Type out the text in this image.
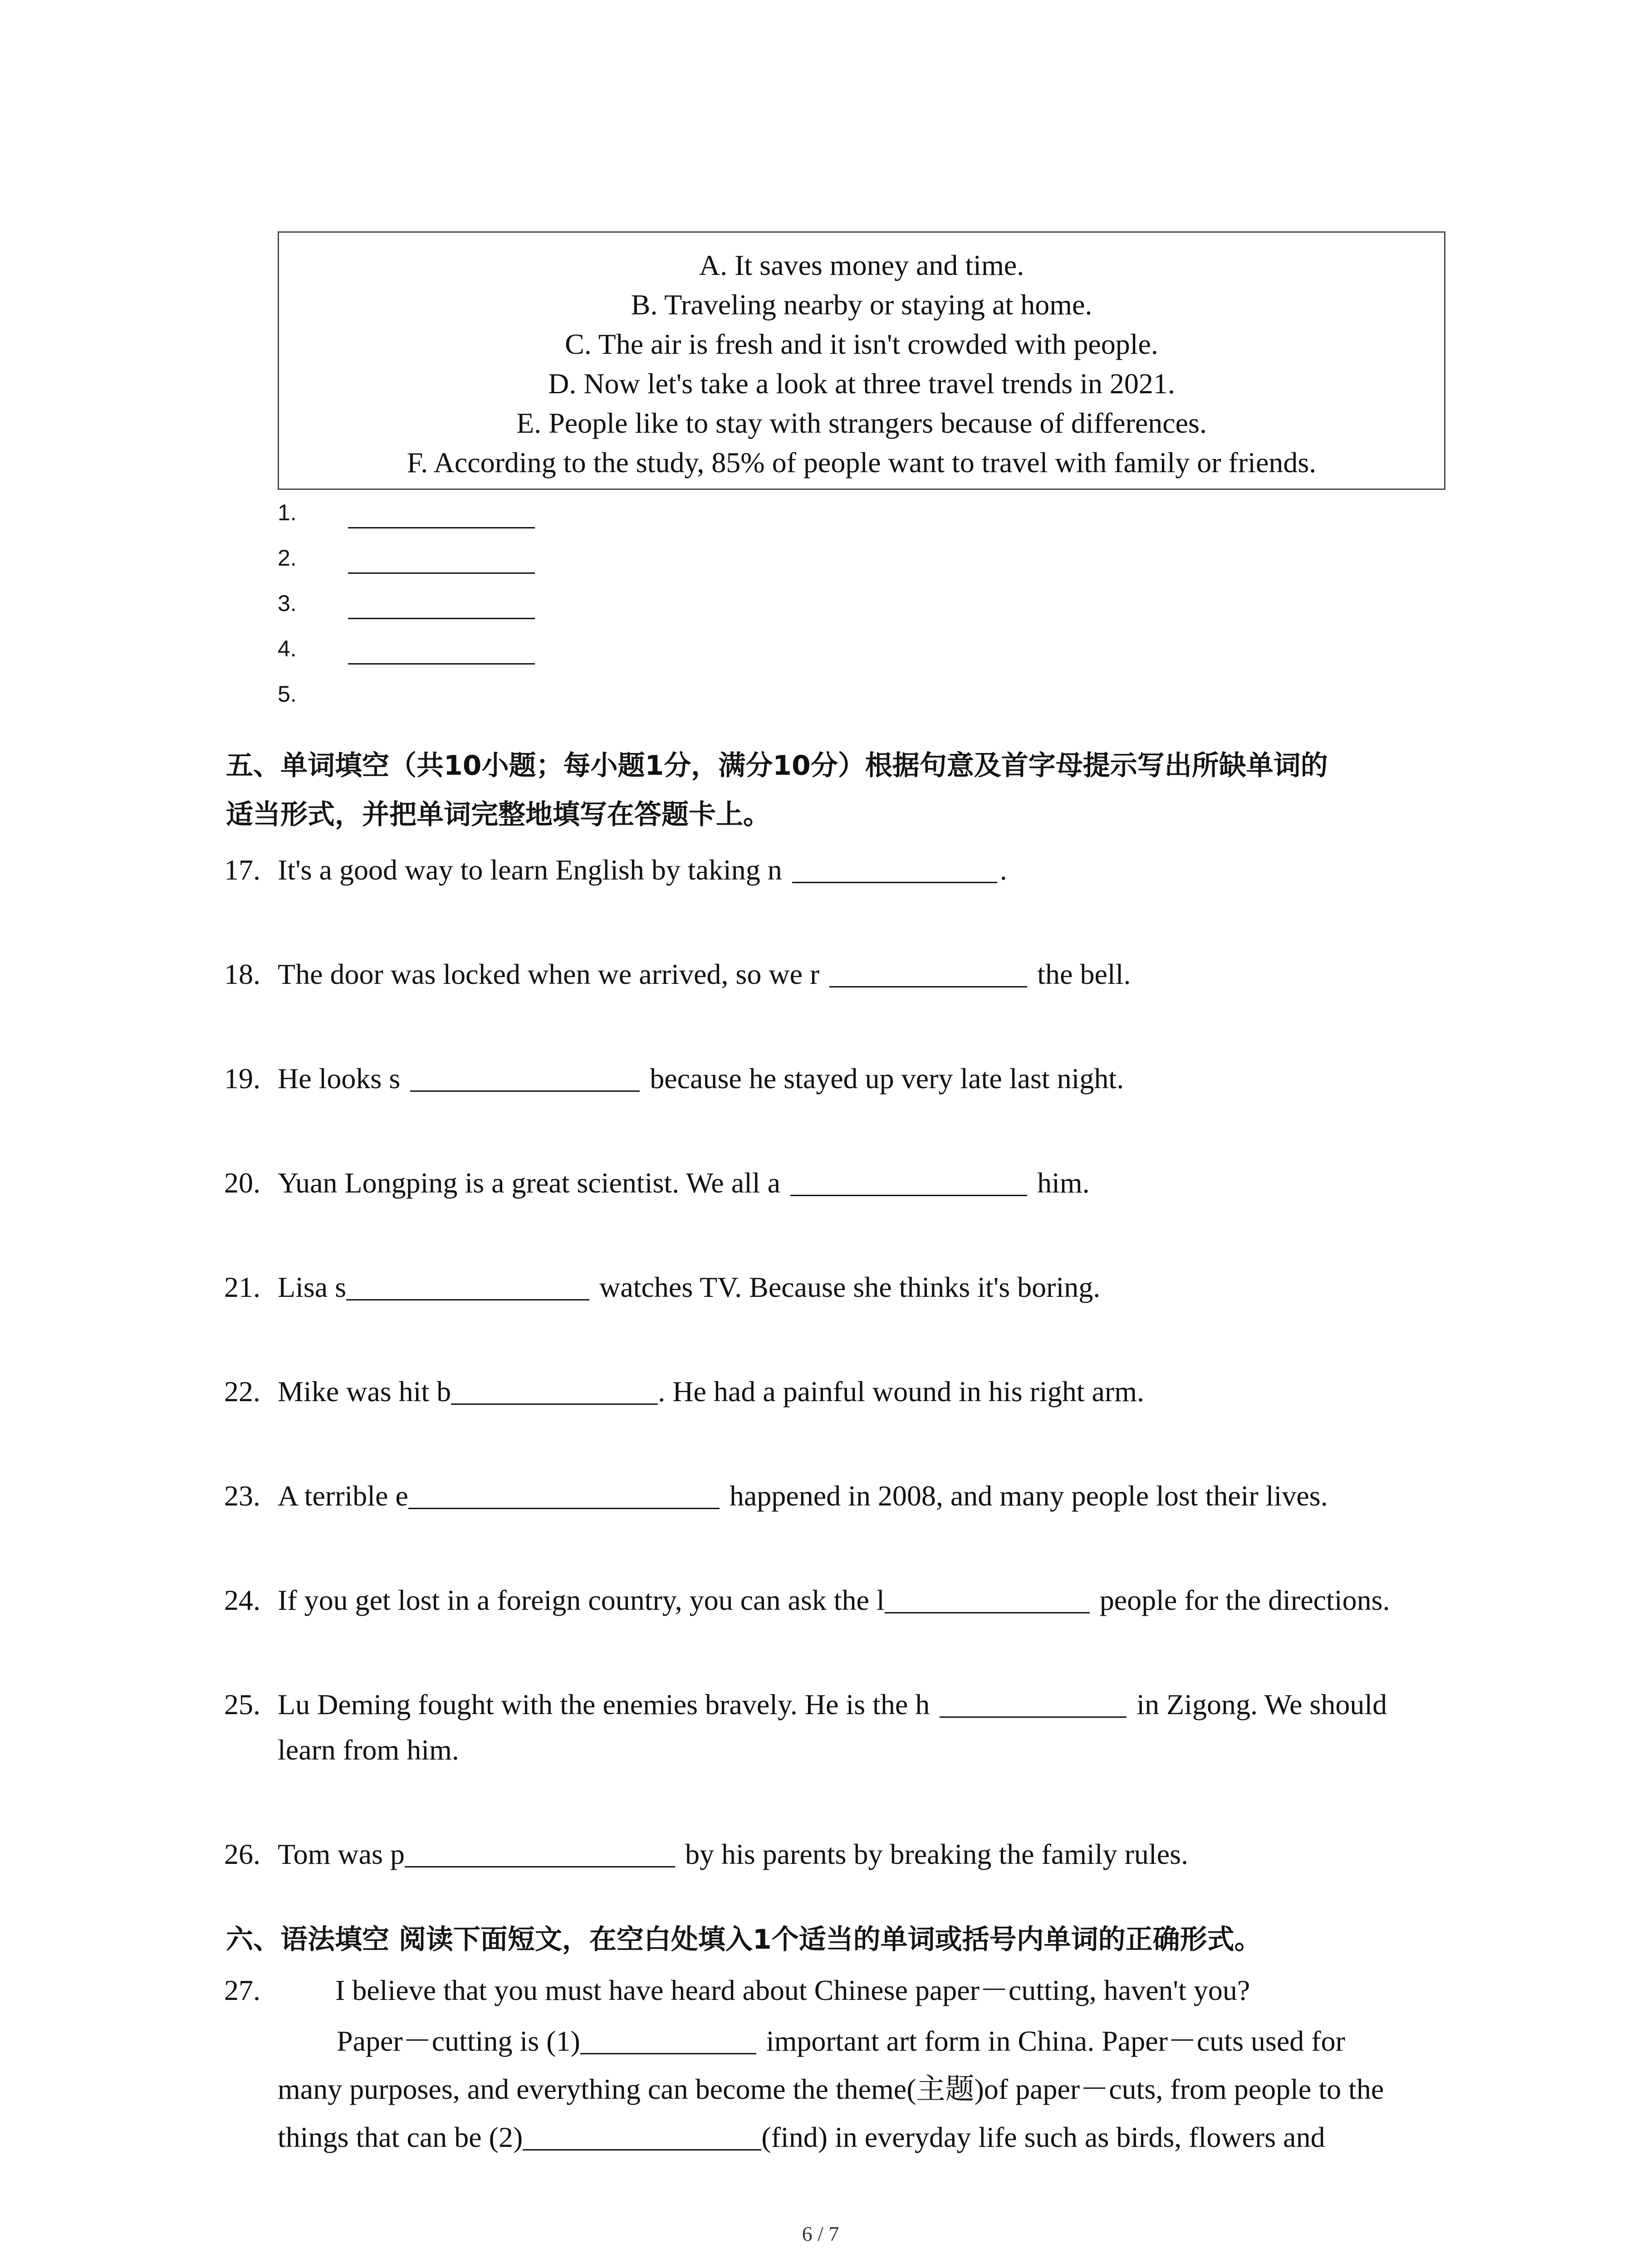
A. It saves money and time.
B. Traveling nearby or staying at home.
C. The air is fresh and it isn't crowded with people.
D. Now let's take a look at three travel trends in 2021.
E. People like to stay with strangers because of differences.
F. According to the study, 85% of people want to travel with family or friends.
1.
2.
3.
4.
5.
五、单词填空（共10小题；每小题1分，满分10分）根据句意及首字母提示写出所缺单词的
适当形式，并把单词完整地填写在答题卡上。
17. It's a good way to learn English by taking n	.
18. The door was locked when we arrived, so we r	the bell.
19. He looks s	because he stayed up very late last night.
20. Yuan Longping is a great scientist. We all a	him.
21. Lisa s	watches TV. Because she thinks it's boring.
22. Mike was hit b	. He had a painful wound in his right arm.
23. A terrible e	happened in 2008, and many people lost their lives.
24. If you get lost in a foreign country, you can ask the l	people for the directions.
25. Lu Deming fought with the enemies bravely. He is the h	in Zigong. We should
learn from him.
26. Tom was p	by his parents by breaking the family rules.
六、语法填空 阅读下面短文，在空白处填入1个适当的单词或括号内单词的正确形式。
27.	I believe that you must have heard about Chinese paper－cutting, haven't you?
Paper－cutting is (1)	important art form in China. Paper－cuts used for
many purposes, and everything can become the theme(主题)of paper－cuts, from people to the
things that can be (2)	(find) in everyday life such as birds, flowers and
6 / 7
